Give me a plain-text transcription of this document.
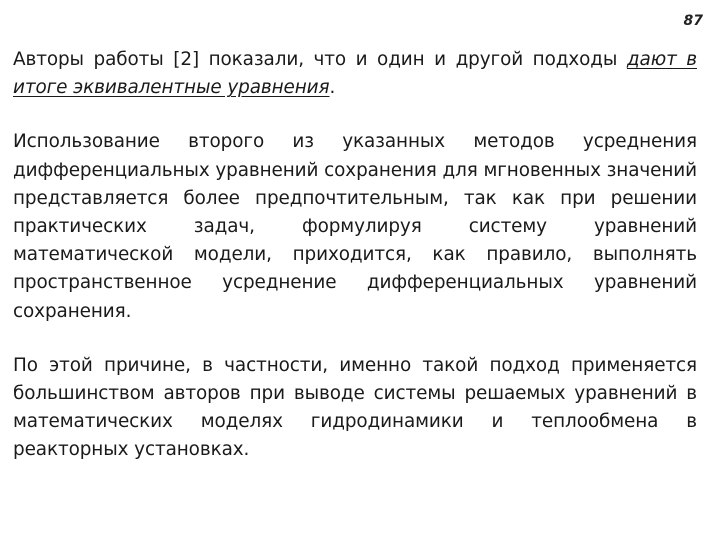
87

Авторы работы [2] показали, что и один и другой подходы дают в итоге эквивалентные уравнения.

Использование второго из указанных методов усреднения дифференциальных уравнений сохранения для мгновенных значений представляется более предпочтительным, так как при решении практических задач, формулируя систему уравнений математической модели, приходится, как правило, выполнять пространственное усреднение дифференциальных уравнений сохранения.

По этой причине, в частности, именно такой подход применяется большинством авторов при выводе системы решаемых уравнений в математических моделях гидродинамики и теплообмена в реакторных установках.
